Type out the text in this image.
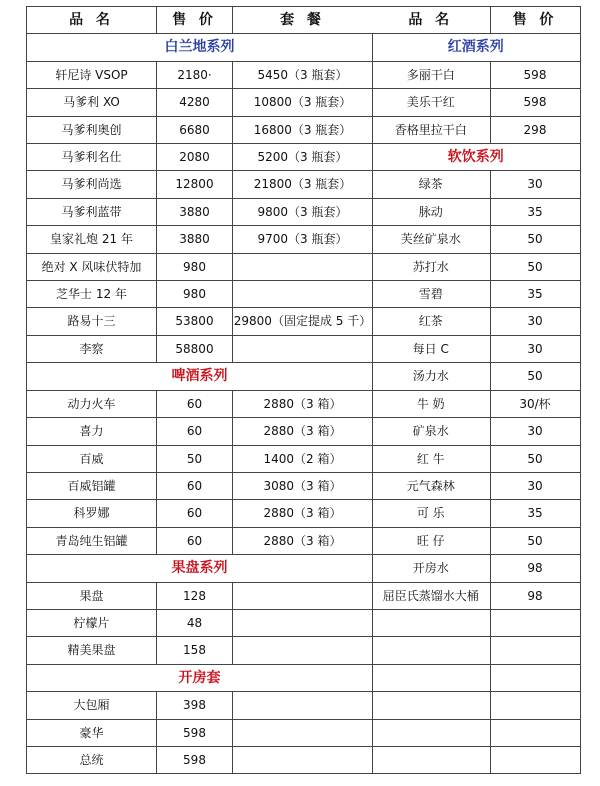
品 名	售 价	套 餐
白兰地系列		
轩尼诗 VSOP	2180·	5450（3 瓶套）
马爹利 XO	4280	10800（3 瓶套）
马爹利奥创	6680	16800（3 瓶套）
马爹利名仕	2080	5200（3 瓶套）
马爹利尚选	12800	21800（3 瓶套）
马爹利蓝带	3880	9800（3 瓶套）
皇家礼炮 21 年	3880	9700（3 瓶套）
绝对 X 风味伏特加	980	
芝华士 12 年	980	
路易十三	53800	29800（固定提成 5 千）
李察	58800	
啤酒系列		
动力火车	60	2880（3 箱）
喜力	60	2880（3 箱）
百威	50	1400（2 箱）
百威铝罐	60	3080（3 箱）
科罗娜	60	2880（3 箱）
青岛纯生铝罐	60	2880（3 箱）
果盘系列		
果盘	128	
柠檬片	48	
精美果盘	158	
开房套		
大包厢	398	
豪华	598	
总统	598	
品 名	售 价
红酒系列	
多丽干白	598
美乐干红	598
香格里拉干白	298
软饮系列	
绿茶	30
脉动	35
芙丝矿泉水	50
苏打水	50
雪碧	35
红茶	30
每日 C	30
汤力水	50
牛 奶	30/杯
矿泉水	30
红 牛	50
元气森林	30
可 乐	35
旺 仔	50
开房水	98
屈臣氏蒸馏水大桶	98
